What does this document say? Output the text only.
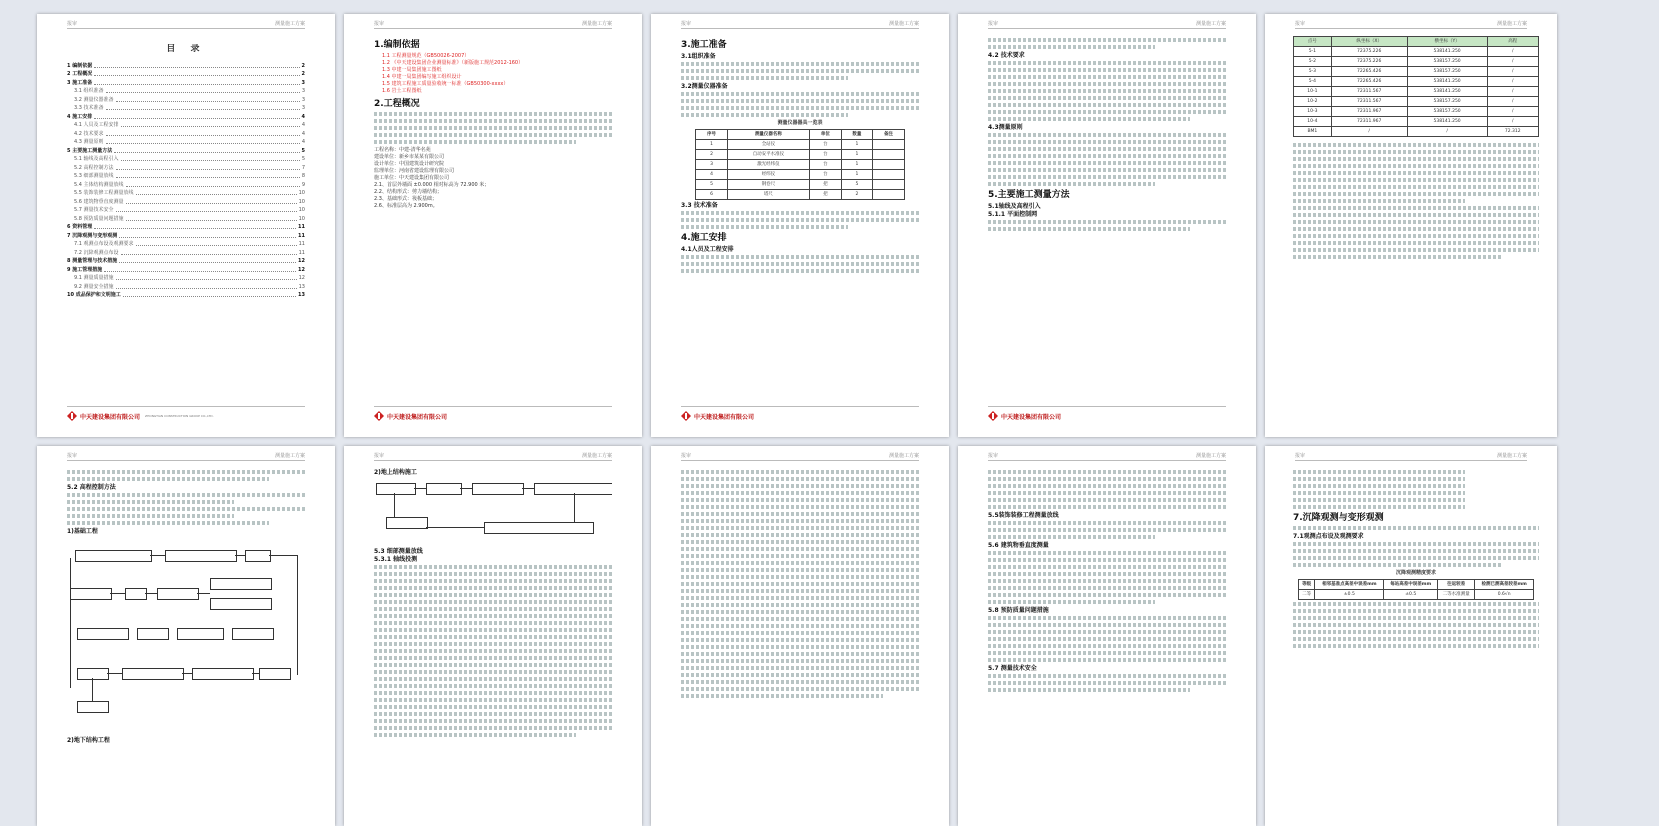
报审	测量施工方案
目 录
1 编制依据	2
2 工程概况	2
3 施工准备	3
3.1 组织准备	3
3.2 测量仪器准备	3
3.3 技术准备	3
4 施工安排	4
4.1 人员及工程安排	4
4.2 技术要求	4
4.3 测量原则	4
5 主要施工测量方法	5
5.1 轴线及高程引入	5
5.2 高程控制方法	7
5.3 细部测量放线	8
5.4 主体结构测量放线	9
5.5 装饰装修工程测量放线	10
5.6 建筑物垂直度测量	10
5.7 测量技术安全	10
5.8 预防质量问题措施	10
6 资料管理	11
7 沉降观测与变形观测	11
7.1 观测点布设及观测要求	11
7.2 沉降观测点布设	11
8 测量管理与技术措施	12
9 施工管理措施	12
9.1 测量质量措施	12
9.2 测量安全措施	13
10 成品保护和文明施工	13
中天建设集团有限公司 ZHONGTIAN CONSTRUCTION GROUP CO.,LTD.
报审	测量施工方案
1.编制依据
1.1 工程测量规范（GB50026-2007）
1.2 《中天建设集团企业测量标准》（新版施工规范2012-160）
1.3 中建一局集团施工图纸
1.4 中建一局集团编写施工组织设计
1.5 建筑工程施工质量验收统一标准（GB50300-xxxx）
1.6 岩土工程图纸
2.工程概况
工程名称：中建-清华名苑
建设单位：新乡市某某有限公司
设计单位：中国建筑设计研究院
监理单位：河南省建设监理有限公司
施工单位：中天建设集团有限公司
2.1、首层外墙面 ±0.000 相对标高为 72.900 米；
2.2、结构形式：剪力墙结构；
2.3、基础形式：筏板基础；
2.6、标准层高为 2.900m。
中天建设集团有限公司
报审	测量施工方案
3.施工准备
3.1组织准备
3.2测量仪器准备
测量仪器器具一览表
序号	测量仪器名称	单位	数量	备注
1	全站仪	台	1	
2	自动安平水准仪	台	1	
3	激光经纬仪	台	1	
4	经纬仪	台	1	
5	钢卷尺	把	5	
6	塔尺	把	2	
3.3 技术准备
4.施工安排
4.1人员及工程安排
中天建设集团有限公司
报审	测量施工方案
4.2 技术要求
4.3测量原则
5.主要施工测量方法
5.1轴线及高程引入
5.1.1 平面控制网
中天建设集团有限公司
报审	测量施工方案
点号	纵坐标（X）	横坐标（Y）	高程
5-1	72375.226	538141.250	/
5-2	72375.226	538157.250	/
5-3	72265.426	538157.250	/
5-4	72265.426	538141.250	/
10-1	72311.567	538141.250	/
10-2	72311.567	538157.250	/
10-3	72311.967	538157.250	/
10-4	72311.967	538141.250	/
BM1	/	/	72.312
报审	测量施工方案
5.2 高程控制方法
1)基础工程
2)地下结构工程
报审	测量施工方案
2)地上结构施工
5.3 细部测量放线
5.3.1 轴线投测
报审	测量施工方案	报审	测量施工方案
5.5装饰装修工程测量放线
5.6 建筑物垂直度测量
5.8 预防质量问题措施
5.7 测量技术安全
报审	测量施工方案
7.沉降观测与变形观测
7.1观测点布设及观测要求
沉降观测精度要求
等级	相邻基准点高差中误差mm	每站高差中误差mm	往返较差	检测已测高差较差mm
二等	±0.5	±0.5	二等水准测量	0.6√n
